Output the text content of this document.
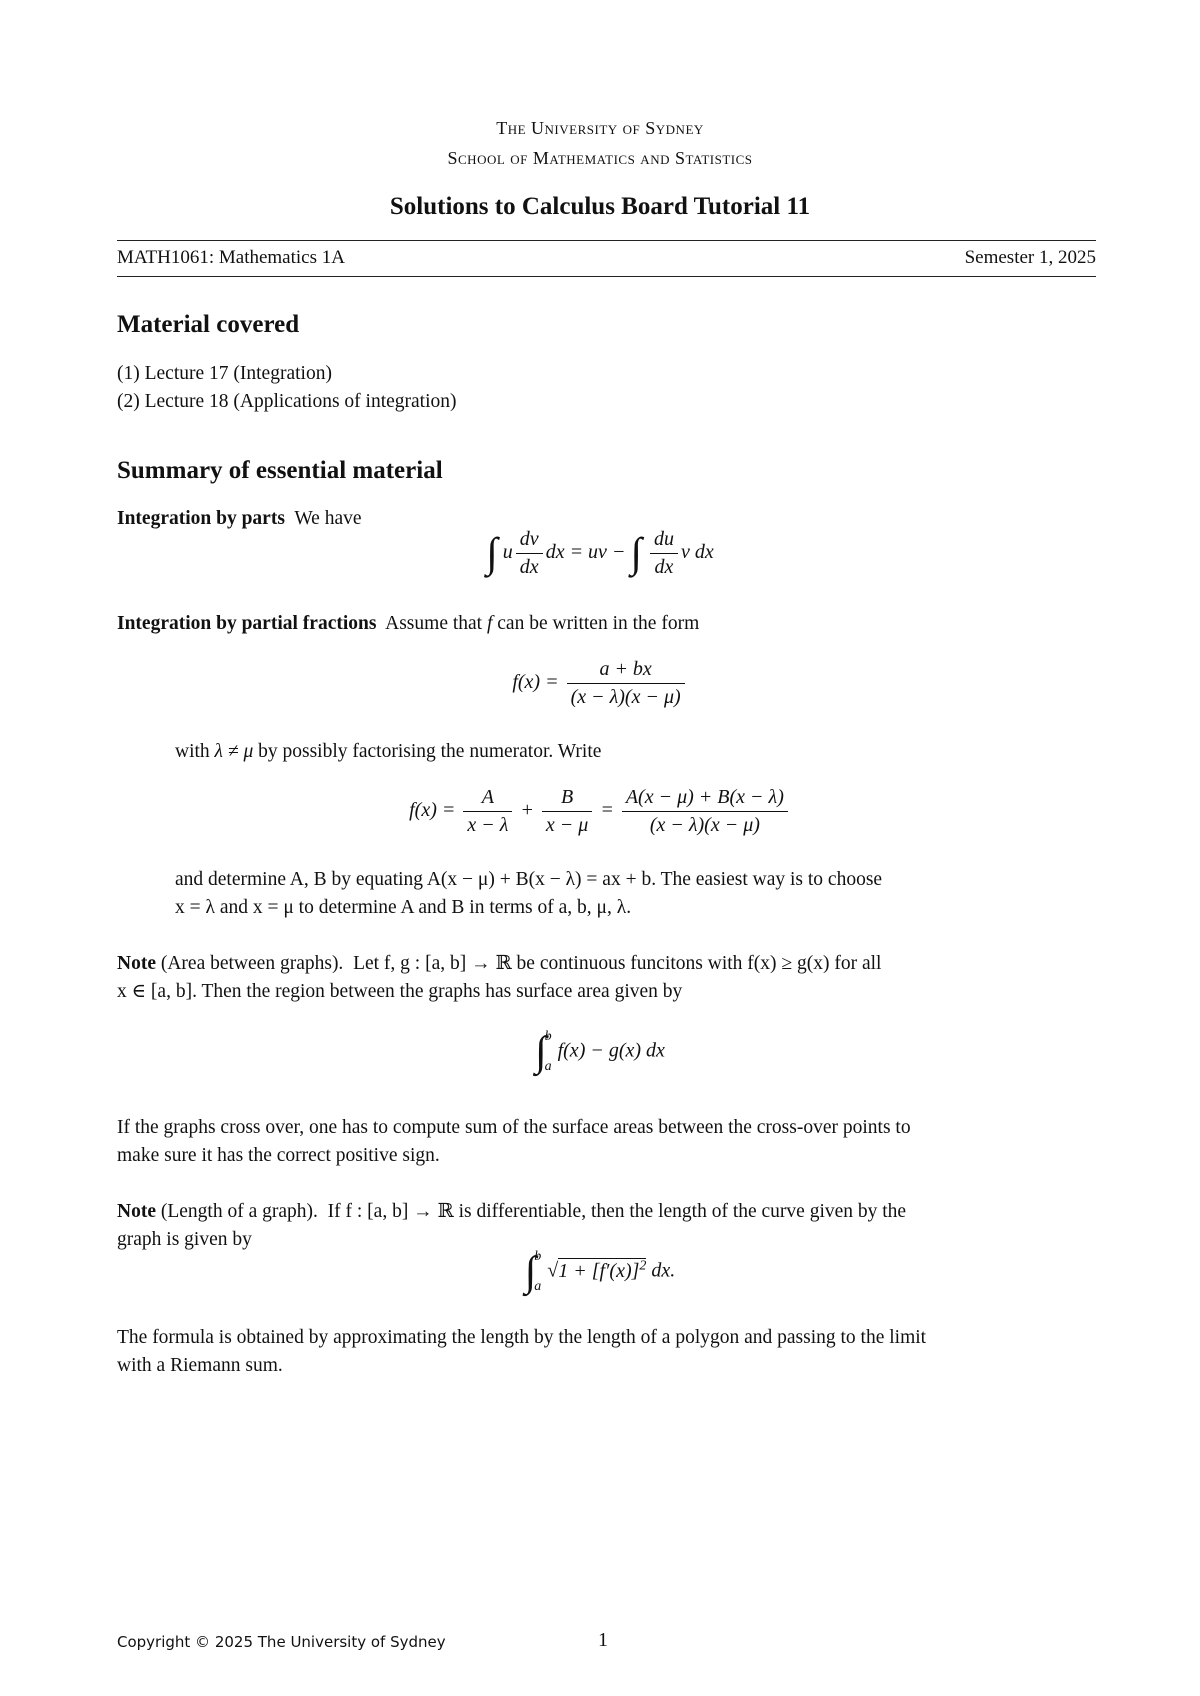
The University of Sydney
School of Mathematics and Statistics
Solutions to Calculus Board Tutorial 11
MATH1061: Mathematics 1A	Semester 1, 2025
Material covered
(1) Lecture 17 (Integration)
(2) Lecture 18 (Applications of integration)
Summary of essential material
Integration by parts We have
∫ u $\frac{dv}{dx}$ dx = uv − ∫ $\frac{du}{dx}$ v dx
Integration by partial fractions Assume that f can be written in the form
$f(x) = \frac{a + bx}{(x - \lambda)(x - \mu)}$
with λ ≠ μ by possibly factorising the numerator. Write
$f(x) = \frac{A}{x - \lambda} + \frac{B}{x - \mu} = \frac{A(x - \mu) + B(x - \lambda)}{(x - \lambda)(x - \mu)}$
and determine A, B by equating A(x − μ) + B(x − λ) = ax + b. The easiest way is to choose
x = λ and x = μ to determine A and B in terms of a, b, μ, λ.
Note (Area between graphs). Let f, g : [a, b] → ℝ be continuous funcitons with f(x) ≥ g(x) for all
x ∈ [a, b]. Then the region between the graphs has surface area given by
∫
b
a
f(x) − g(x) dx
If the graphs cross over, one has to compute sum of the surface areas between the cross-over points to
make sure it has the correct positive sign.
Note (Length of a graph). If f : [a, b] → ℝ is differentiable, then the length of the curve given by the
graph is given by
∫
b
a
$√1 + [f'(x)]^2$ dx.
The formula is obtained by approximating the length by the length of a polygon and passing to the limit
with a Riemann sum.
Copyright © 2025 The University of Sydney	1
